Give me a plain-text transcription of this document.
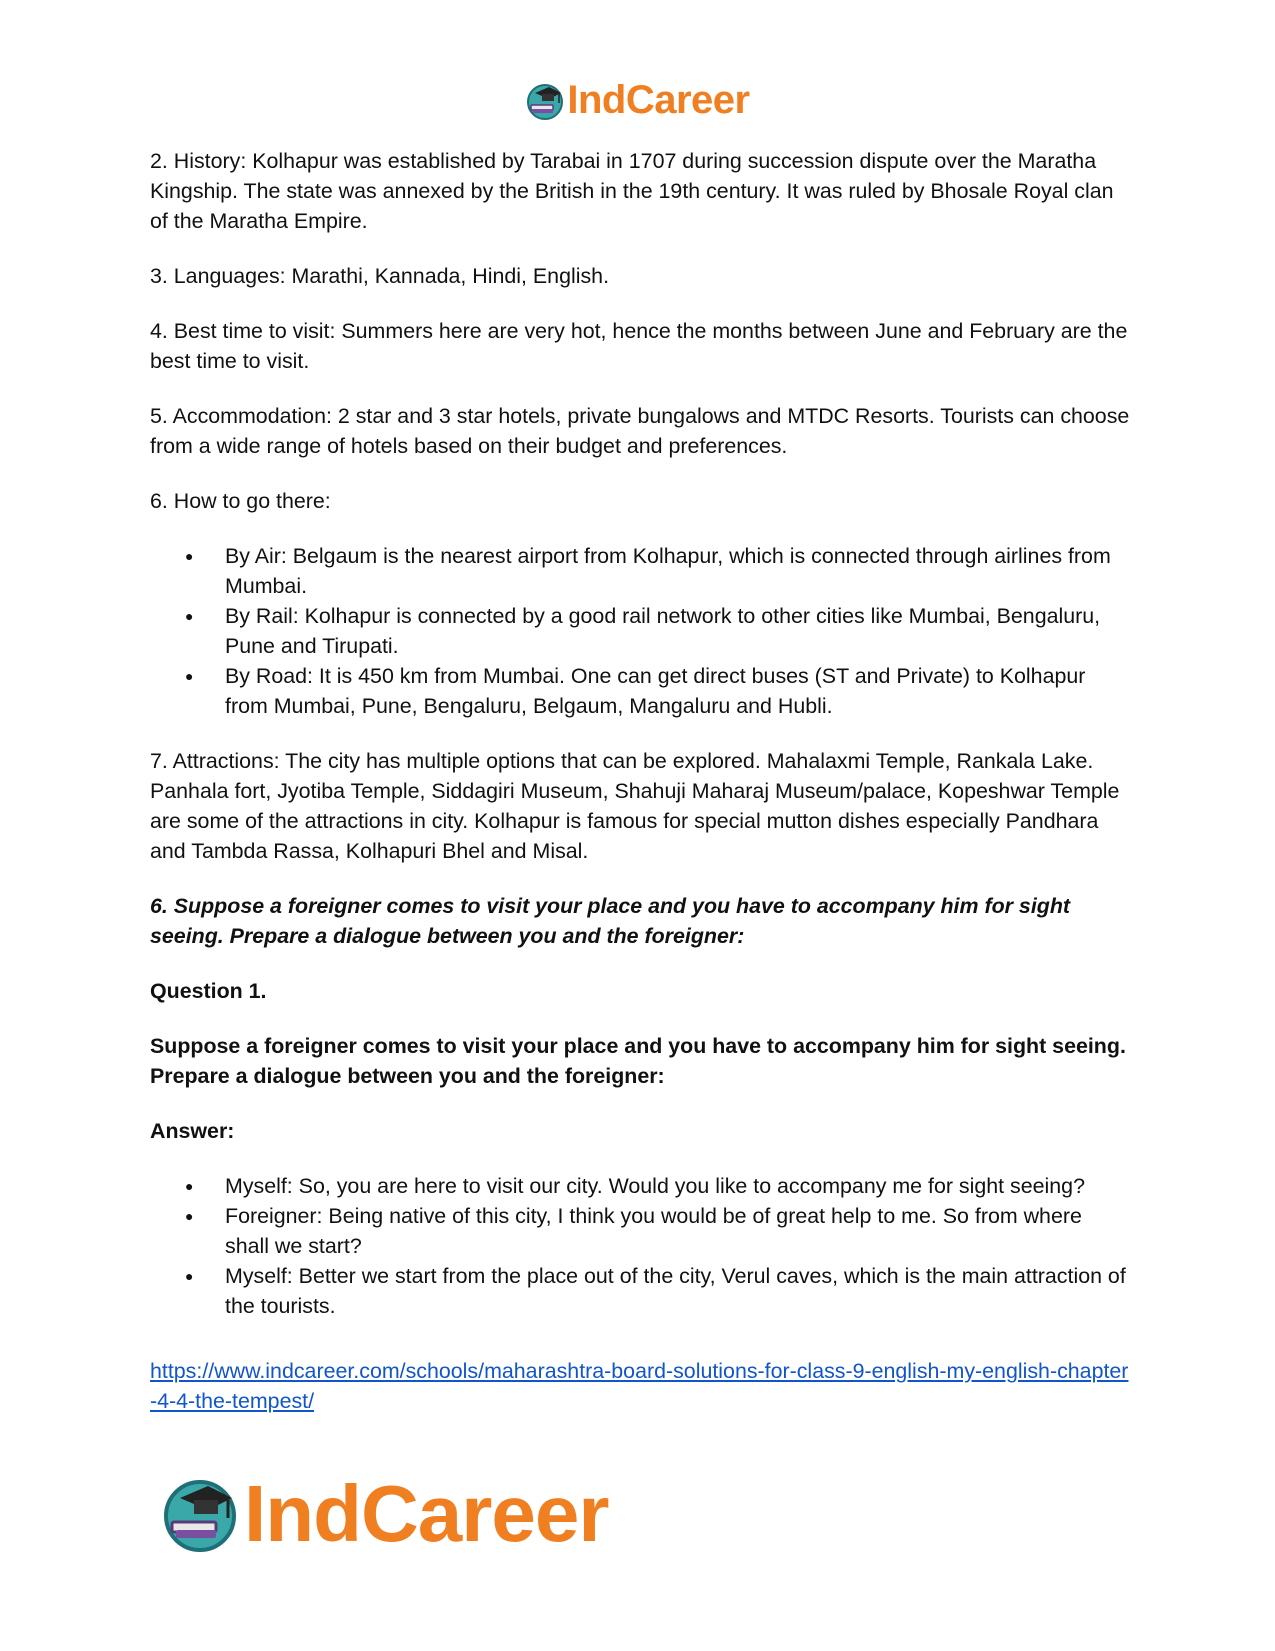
IndCareer

2. History: Kolhapur was established by Tarabai in 1707 during succession dispute over the Maratha Kingship. The state was annexed by the British in the 19th century. It was ruled by Bhosale Royal clan of the Maratha Empire.

3. Languages: Marathi, Kannada, Hindi, English.

4. Best time to visit: Summers here are very hot, hence the months between June and February are the best time to visit.

5. Accommodation: 2 star and 3 star hotels, private bungalows and MTDC Resorts. Tourists can choose from a wide range of hotels based on their budget and preferences.

6. How to go there:

● By Air: Belgaum is the nearest airport from Kolhapur, which is connected through airlines from Mumbai.
● By Rail: Kolhapur is connected by a good rail network to other cities like Mumbai, Bengaluru, Pune and Tirupati.
● By Road: It is 450 km from Mumbai. One can get direct buses (ST and Private) to Kolhapur from Mumbai, Pune, Bengaluru, Belgaum, Mangaluru and Hubli.

7. Attractions: The city has multiple options that can be explored. Mahalaxmi Temple, Rankala Lake. Panhala fort, Jyotiba Temple, Siddagiri Museum, Shahuji Maharaj Museum/palace, Kopeshwar Temple are some of the attractions in city. Kolhapur is famous for special mutton dishes especially Pandhara and Tambda Rassa, Kolhapuri Bhel and Misal.

6. Suppose a foreigner comes to visit your place and you have to accompany him for sight seeing. Prepare a dialogue between you and the foreigner:

Question 1.

Suppose a foreigner comes to visit your place and you have to accompany him for sight seeing. Prepare a dialogue between you and the foreigner:

Answer:

● Myself: So, you are here to visit our city. Would you like to accompany me for sight seeing?
● Foreigner: Being native of this city, I think you would be of great help to me. So from where shall we start?
● Myself: Better we start from the place out of the city, Verul caves, which is the main attraction of the tourists.

https://www.indcareer.com/schools/maharashtra-board-solutions-for-class-9-english-my-english-chapter-4-4-the-tempest/

IndCareer
